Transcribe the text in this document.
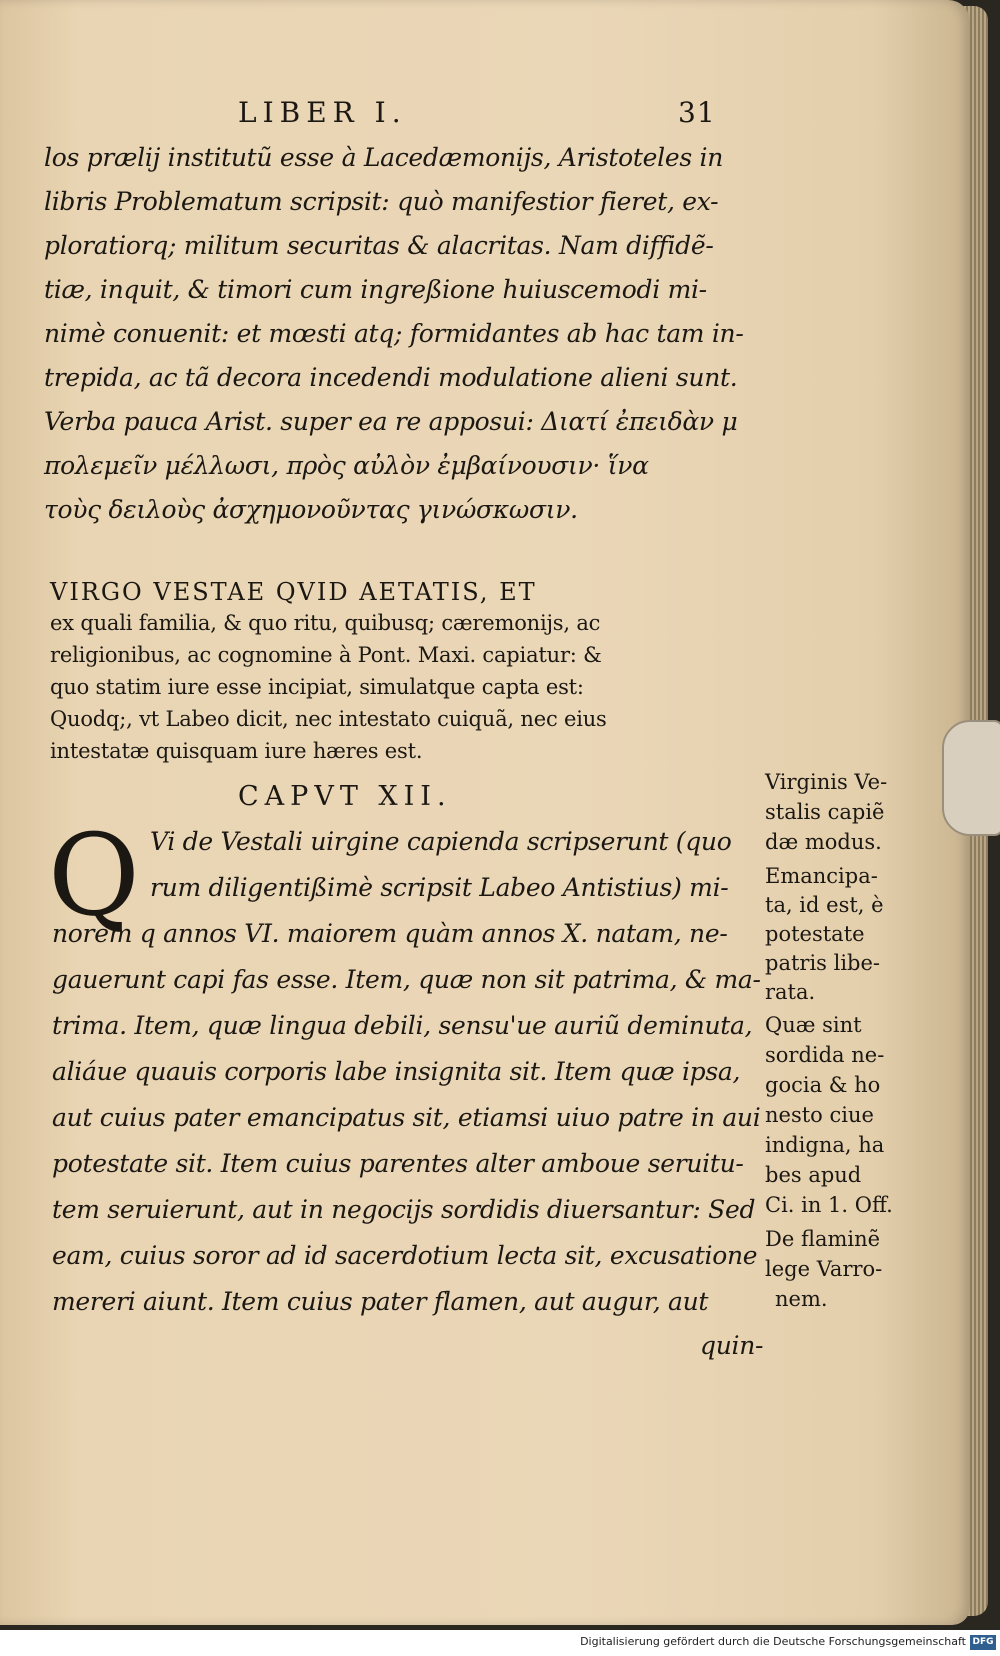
LIBER I.	31
los prælij institutũ esse à Lacedæmonijs, Aristoteles in
libris Problematum scripsit: quò manifestior fieret, ex-
ploratiorq; militum securitas & alacritas. Nam diffidẽ-
tiæ, inquit, & timori cum ingreßione huiuscemodi mi-
nimè conuenit: et mœsti atq; formidantes ab hac tam in-
trepida, ac tã decora incedendi modulatione alieni sunt.
Verba pauca Arist. super ea re apposui: Διατί ἐπειδὰν μ
πολεμεῖν μέλλωσι, πρὸς αὐλὸν ἐμβαίνουσιν· ἵνα
τοὺς δειλοὺς ἀσχημονοῦντας γινώσκωσιν.
VIRGO VESTAE QVID AETATIS, ET
ex quali familia, & quo ritu, quibusq; cæremonijs, ac
religionibus, ac cognomine à Pont. Maxi. capiatur: &
quo statim iure esse incipiat, simulatque capta est:
Quodq;, vt Labeo dicit, nec intestato cuiquã, nec eius
intestatæ quisquam iure hæres est.
CAPVT XII.
Q Vi de Vestali uirgine capienda scripserunt (quo
rum diligentißimè scripsit Labeo Antistius) mi-
norem q annos VI. maiorem quàm annos X. natam, ne-
gauerunt capi fas esse. Item, quæ non sit patrima, & ma-
trima. Item, quæ lingua debili, sensu'ue auriũ deminuta,
aliáue quauis corporis labe insignita sit. Item quæ ipsa,
aut cuius pater emancipatus sit, etiamsi uiuo patre in aui
potestate sit. Item cuius parentes alter amboue seruitu-
tem seruierunt, aut in negocijs sordidis diuersantur: Sed
eam, cuius soror ad id sacerdotium lecta sit, excusatione
mereri aiunt. Item cuius pater flamen, aut augur, aut
quin-
Virginis Ve-
stalis capiẽ
dæ modus.
Emancipa-
ta, id est, è
potestate
patris libe-
rata.
Quæ sint
sordida ne-
gocia & ho
nesto ciue
indigna, ha
bes apud
Ci. in 1. Off.
De flaminẽ
lege Varro-
nem.
Digitalisierung gefördert durch die Deutsche Forschungsgemeinschaft DFG
